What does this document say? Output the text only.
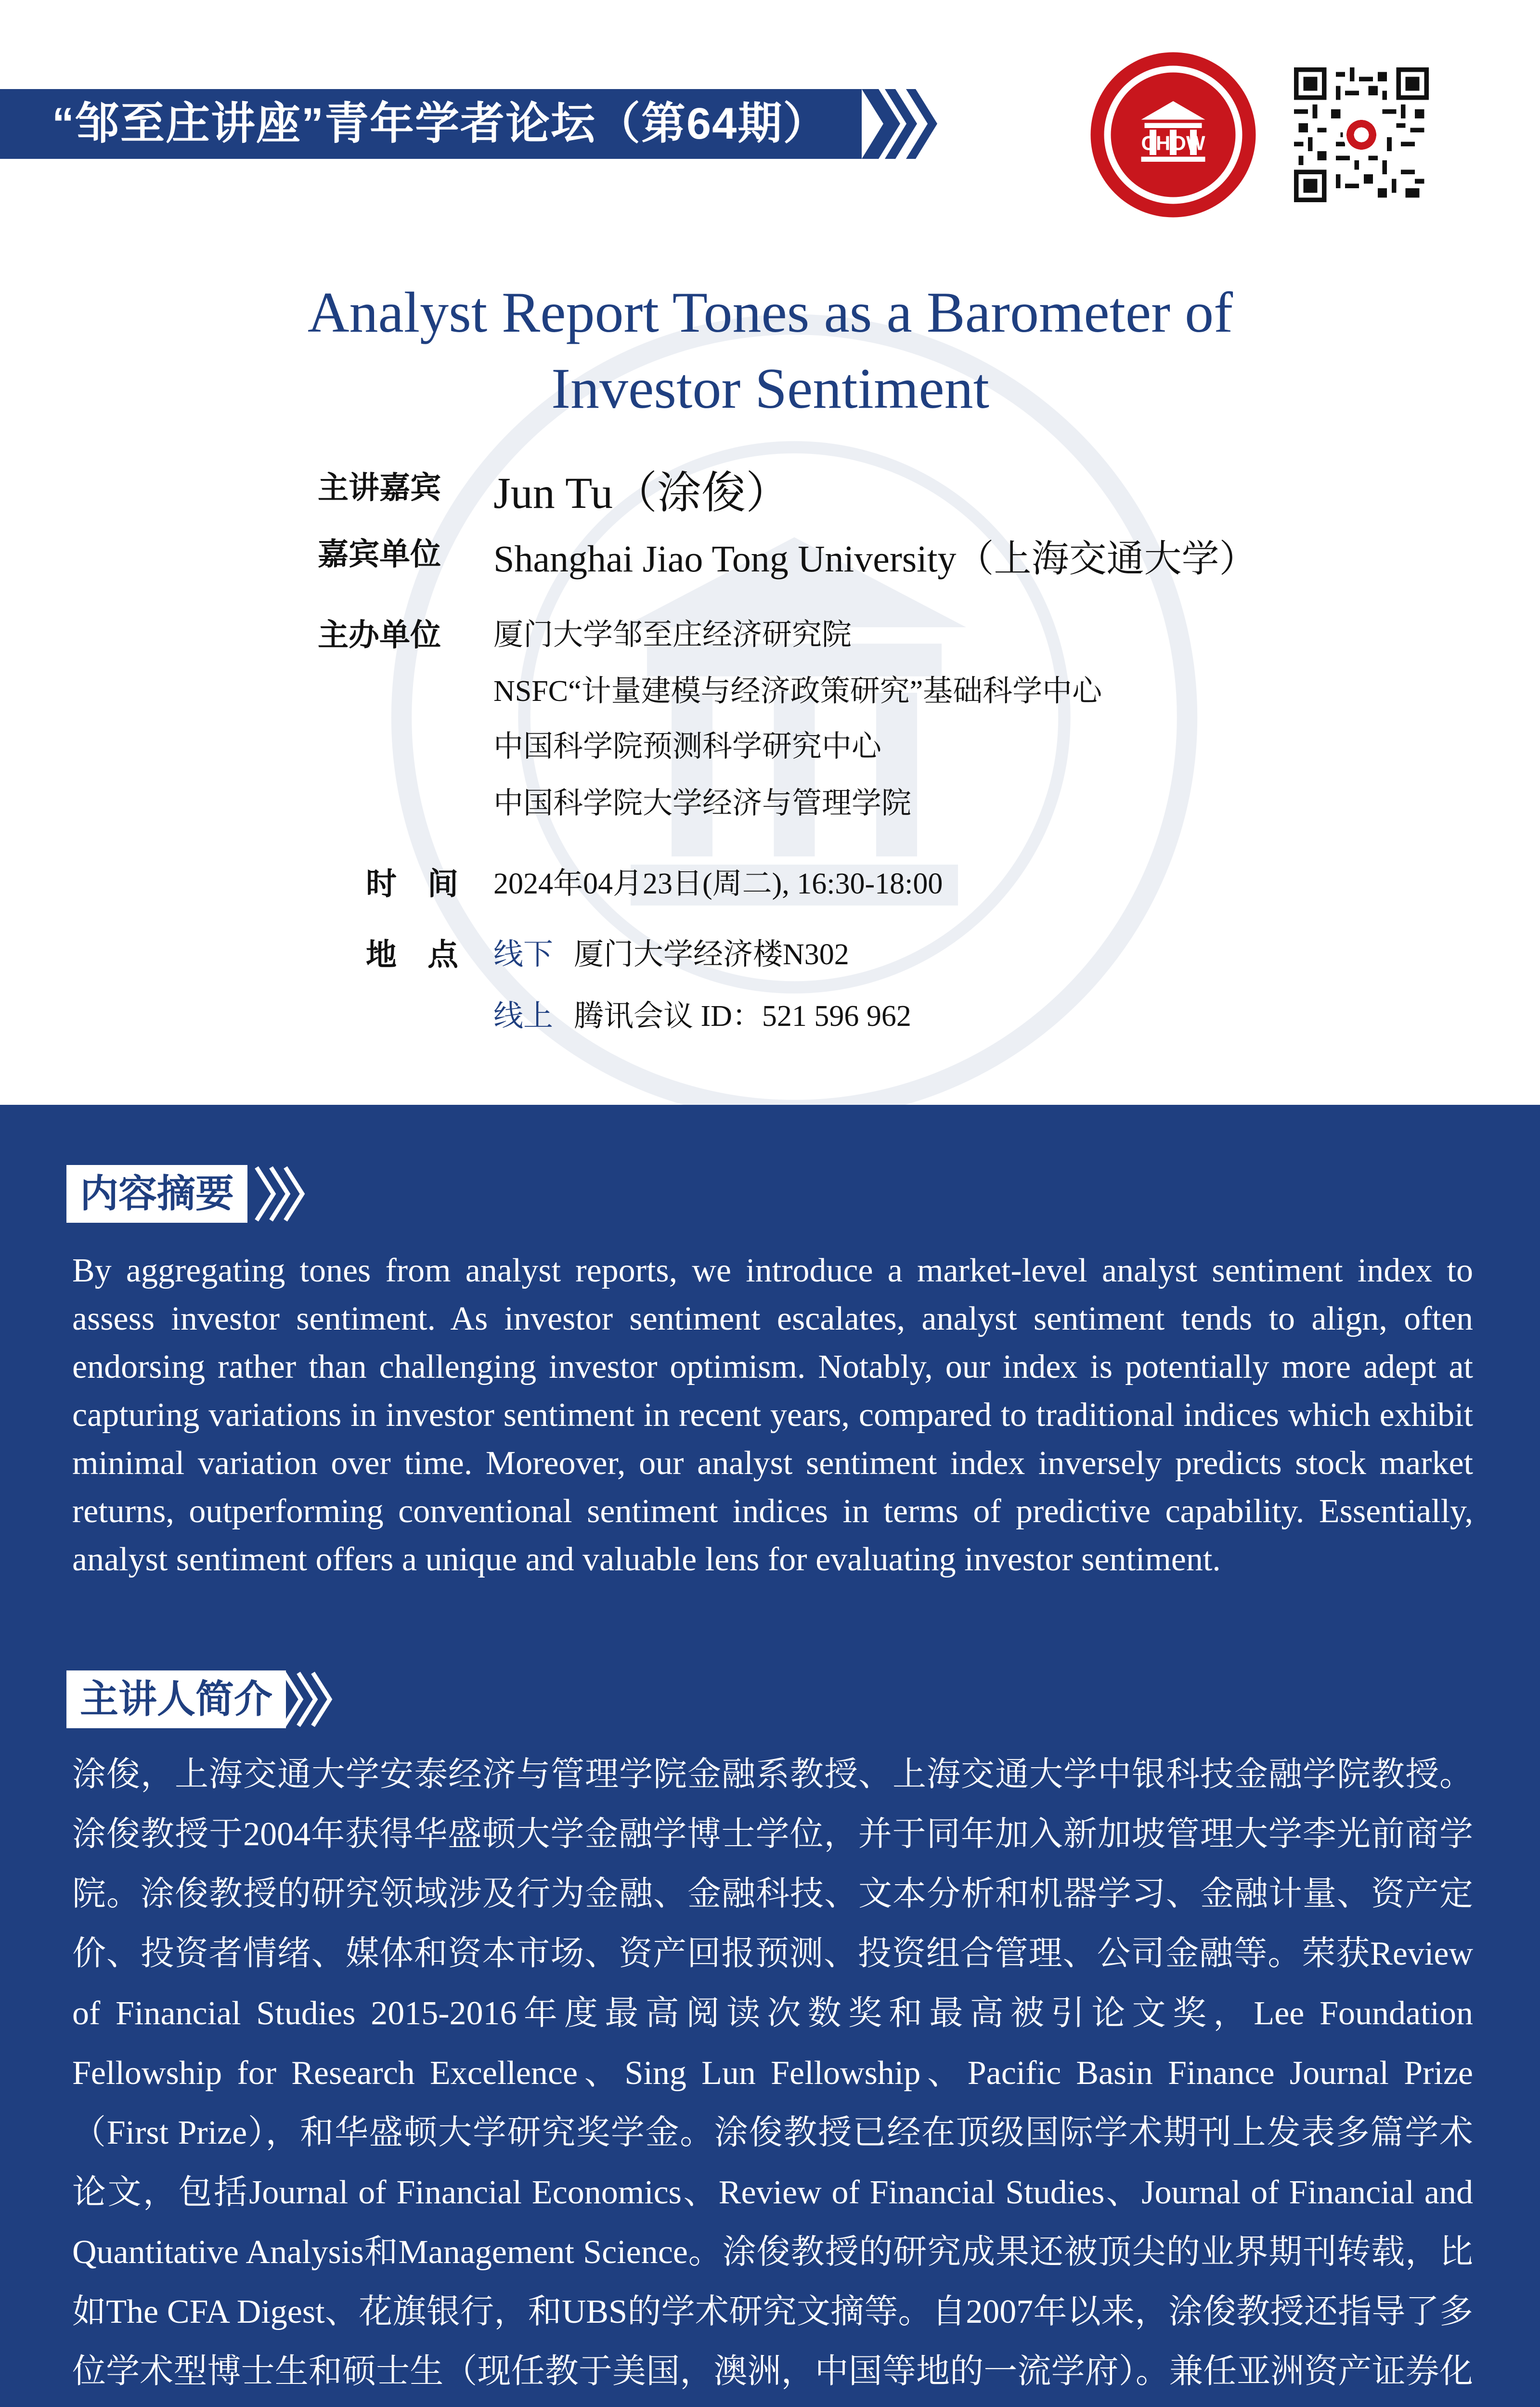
“邹至庄讲座”青年学者论坛（第64期）	CHOW
Analyst Report Tones as a Barometer of
Investor Sentiment
主讲嘉宾 Jun Tu（涂俊）
嘉宾单位 Shanghai Jiao Tong University（上海交通大学）
主办单位 厦门大学邹至庄经济研究院
NSFC“计量建模与经济政策研究”基础科学中心
中国科学院预测科学研究中心
中国科学院大学经济与管理学院
时　间 2024年04月23日(周二), 16:30-18:00
地　点 线下 厦门大学经济楼N302
线上 腾讯会议 ID：521 596 962
内容摘要
By aggregating tones from analyst reports, we introduce a market-level analyst sentiment index to assess investor sentiment. As investor sentiment escalates, analyst sentiment tends to align, often endorsing rather than challenging investor optimism. Notably, our index is potentially more adept at capturing variations in investor sentiment in recent years, compared to traditional indices which exhibit minimal variation over time. Moreover, our analyst sentiment index inversely predicts stock market returns, outperforming conventional sentiment indices in terms of predictive capability. Essentially, analyst sentiment offers a unique and valuable lens for evaluating investor sentiment.
主讲人简介
涂俊，上海交通大学安泰经济与管理学院金融系教授、上海交通大学中银科技金融学院教授。涂俊教授于2004年获得华盛顿大学金融学博士学位，并于同年加入新加坡管理大学李光前商学院。涂俊教授的研究领域涉及行为金融、金融科技、文本分析和机器学习、金融计量、资产定价、投资者情绪、媒体和资本市场、资产回报预测、投资组合管理、公司金融等。荣获Review of Financial Studies 2015-2016年度最高阅读次数奖和最高被引论文奖，Lee Foundation Fellowship for Research Excellence、Sing Lun Fellowship、Pacific Basin Finance Journal Prize（First Prize），和华盛顿大学研究奖学金。涂俊教授已经在顶级国际学术期刊上发表多篇学术论文，包括Journal of Financial Economics、Review of Financial Studies、Journal of Financial and Quantitative Analysis和Management Science。涂俊教授的研究成果还被顶尖的业界期刊转载，比如The CFA Digest、花旗银行，和UBS的学术研究文摘等。自2007年以来，涂俊教授还指导了多位学术型博士生和硕士生（现任教于美国，澳洲，中国等地的一流学府）。兼任亚洲资产证券化
